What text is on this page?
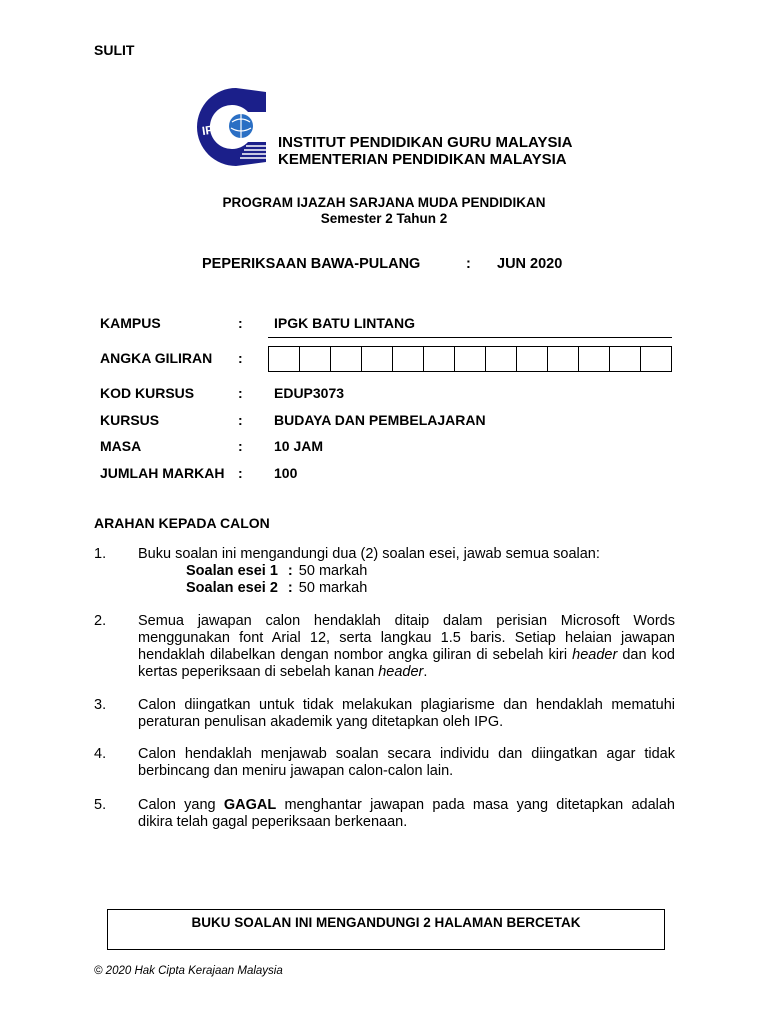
SULIT
IPG
INSTITUT PENDIDIKAN GURU MALAYSIA
KEMENTERIAN PENDIDIKAN MALAYSIA
PROGRAM IJAZAH SARJANA MUDA PENDIDIKAN
Semester 2 Tahun 2
PEPERIKSAAN BAWA-PULANG	: JUN 2020
KAMPUS	: IPGK BATU LINTANG
ANGKA GILIRAN :
KOD KURSUS	: EDUP3073
KURSUS	: BUDAYA DAN PEMBELAJARAN
MASA	: 10 JAM
JUMLAH MARKAH : 100
ARAHAN KEPADA CALON
1. Buku soalan ini mengandungi dua (2) soalan esei, jawab semua soalan:
Soalan esei 1 : 50 markah
Soalan esei 2 : 50 markah
2. Semua jawapan calon hendaklah ditaip dalam perisian Microsoft Words menggunakan font Arial 12, serta langkau 1.5 baris. Setiap helaian jawapan hendaklah dilabelkan dengan nombor angka giliran di sebelah kiri header dan kod kertas peperiksaan di sebelah kanan header.
3. Calon diingatkan untuk tidak melakukan plagiarisme dan hendaklah mematuhi peraturan penulisan akademik yang ditetapkan oleh IPG.
4. Calon hendaklah menjawab soalan secara individu dan diingatkan agar tidak berbincang dan meniru jawapan calon-calon lain.
5. Calon yang GAGAL menghantar jawapan pada masa yang ditetapkan adalah dikira telah gagal peperiksaan berkenaan.
BUKU SOALAN INI MENGANDUNGI 2 HALAMAN BERCETAK
© 2020 Hak Cipta Kerajaan Malaysia
